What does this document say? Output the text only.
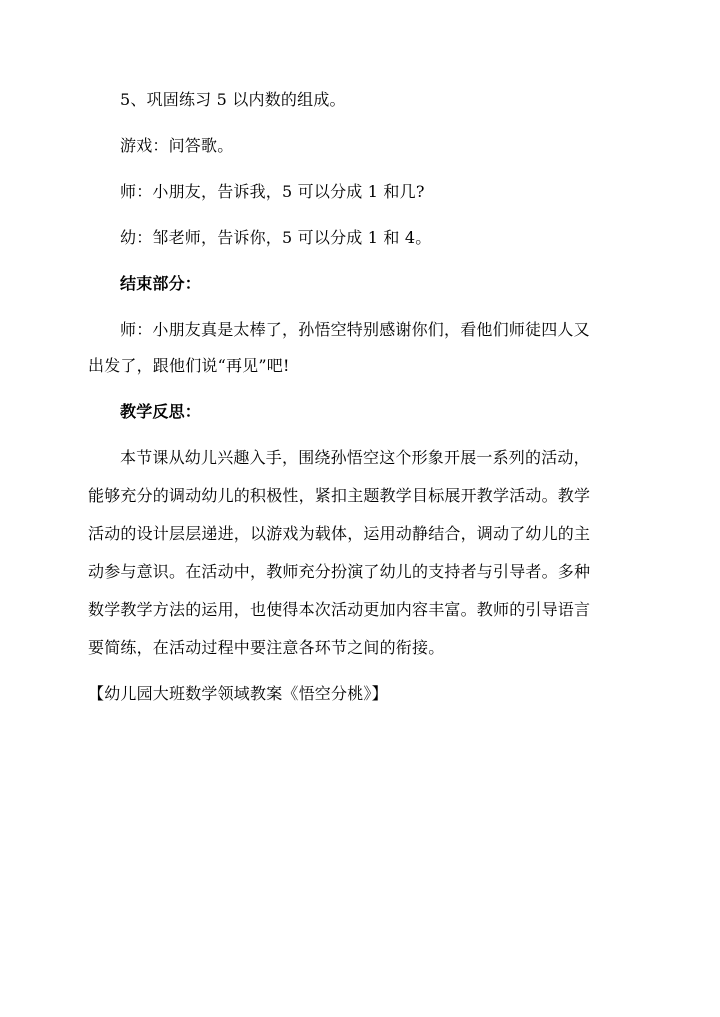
5、巩固练习 5 以内数的组成。
游戏：问答歌。
师：小朋友，告诉我，5 可以分成 1 和几?
幼：邹老师，告诉你，5 可以分成 1 和 4。
结束部分：
师：小朋友真是太棒了，孙悟空特别感谢你们，看他们师徒四人又
出发了，跟他们说“再见”吧!
教学反思：
本节课从幼儿兴趣入手，围绕孙悟空这个形象开展一系列的活动，
能够充分的调动幼儿的积极性，紧扣主题教学目标展开教学活动。教学
活动的设计层层递进，以游戏为载体，运用动静结合，调动了幼儿的主
动参与意识。在活动中，教师充分扮演了幼儿的支持者与引导者。多种
数学教学方法的运用，也使得本次活动更加内容丰富。教师的引导语言
要简练，在活动过程中要注意各环节之间的衔接。
【幼儿园大班数学领域教案《悟空分桃》】
